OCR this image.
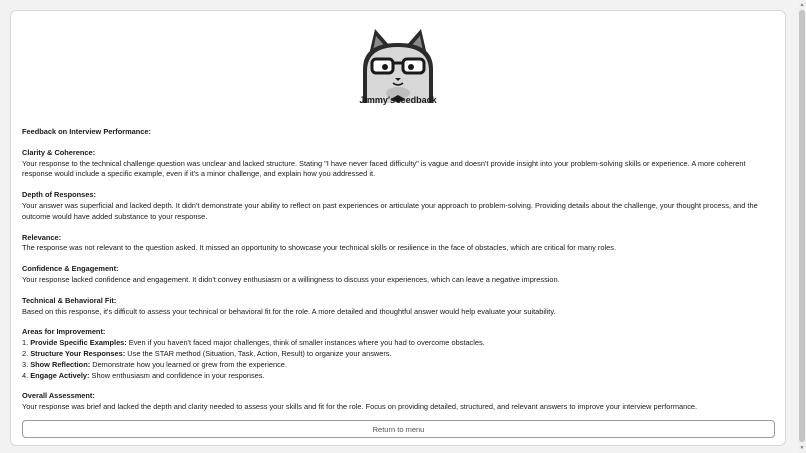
Jimmy's feedback

Feedback on Interview Performance:

Clarity & Coherence:

Your response to the technical challenge question was unclear and lacked structure. Stating "I have never faced difficulty" is vague and doesn't provide insight into your problem-solving skills or experience. A more coherent response would include a specific example, even if it's a minor challenge, and explain how you addressed it.

Depth of Responses:

Your answer was superficial and lacked depth. It didn't demonstrate your ability to reflect on past experiences or articulate your approach to problem-solving. Providing details about the challenge, your thought process, and the outcome would have added substance to your response.

Relevance:

The response was not relevant to the question asked. It missed an opportunity to showcase your technical skills or resilience in the face of obstacles, which are critical for many roles.

Confidence & Engagement:

Your response lacked confidence and engagement. It didn't convey enthusiasm or a willingness to discuss your experiences, which can leave a negative impression.

Technical & Behavioral Fit:

Based on this response, it's difficult to assess your technical or behavioral fit for the role. A more detailed and thoughtful answer would help evaluate your suitability.

Areas for Improvement:

1. Provide Specific Examples: Even if you haven't faced major challenges, think of smaller instances where you had to overcome obstacles.

2. Structure Your Responses: Use the STAR method (Situation, Task, Action, Result) to organize your answers.

3. Show Reflection: Demonstrate how you learned or grew from the experience.

4. Engage Actively: Show enthusiasm and confidence in your responses.

Overall Assessment:

Your response was brief and lacked the depth and clarity needed to assess your skills and fit for the role. Focus on providing detailed, structured, and relevant answers to improve your interview performance.

Return to menu
▲
▼
